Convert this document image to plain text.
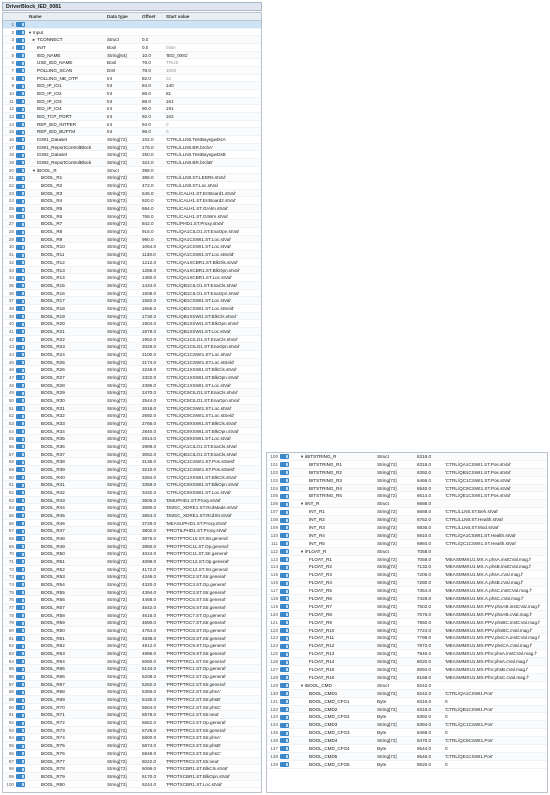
DriverBlock_IED_0081
Name	Data type	Offset Start value
1
2	▼ Input
3	► TCONNECT	Struct	0.0
4	INIT	Bool	0.0	false
5	IED_NAME	String[64]	10.0	'IED_0081'
6	USE_IED_NAME	Bool	76.0	TRUE
7	POLLING_SCAN	DInt	78.0	1000
8	POLLING_NB_OTP	Int	82.0	32
9	IED_IP_IO1	Int	84.0	140
10	IED_IP_IO2	Int	86.0	81
11	IED_IP_IO3	Int	88.0	161
12	IED_IP_IO4	Int	90.0	191
13	IED_TCP_PORT	Int	92.0	102
14	REP_IED_INTPER	Int	94.0	0
15	REP_IED_BUFTM	Int	96.0	0
16	IGW1_Dataset	String[72]	102.0	'CTRL/LLN0.TestBaysgwDsA'
17	IGW1_ReportControlBlock	String[72]	176.0	'CTRL/LLN0.BR.brcbA'
18	IGW2_Dataset	String[72]	250.0	'CTRL/LLN0.TestBaysgwDsB'
19	IGW2_ReportControlBlock	String[72]	324.0	'CTRL/LLN0.BR.brcbB'
20	▼ iBOOL_R	Struct	398.0
21	BOOL_R1	String[72]	398.0	'CTRL/LLN0.ST.LEDRs.stVal'
22	BOOL_R2	String[72]	472.0	'CTRL/LLN0.ST.Loc.stVal'
23	BOOL_R3	String[72]	546.0	'CTRL/CALH1.ST.ErrBoard1.stVal'
24	BOOL_R4	String[72]	620.0	'CTRL/CALH1.ST.ErrBoard2.stVal'
25	BOOL_R5	String[72]	694.0	'CTRL/CALH1.ST.GrAlm.stVal'
26	BOOL_R6	String[72]	768.0	'CTRL/CALH1.ST.GrWrn.stVal'
27	BOOL_R7	String[72]	842.0	'CTRL/PHD1.ST.Proxy.stVal'
28	BOOL_R8	String[72]	916.0	'CTRL/QA1CILO1.ST.EnaOpn.stVal'
29	BOOL_R9	String[72]	990.0	'CTRL/QA1CSWI1.ST.Loc.stVal'
30	BOOL_R10	String[72]	1064.0 'CTRL/QA1CSWI1.ST.Loc.stVal'
31	BOOL_R11	String[72]	1138.0 'CTRL/QA1CSWI1.ST.Loc.stSeld'
32	BOOL_R12	String[72]	1212.0 'CTRL/QA1XCBR1.ST.BlkOls.stVal'
33	BOOL_R13	String[72]	1286.0 'CTRL/QA1XCBR1.ST.BlkOpn.stVal'
34	BOOL_R14	String[72]	1360.0 'CTRL/QA1XCBR1.ST.Loc.stVal'
35	BOOL_R15	String[72]	1434.0 'CTRL/QB1CILO1.ST.EnaCls.stVal'
36	BOOL_R16	String[72]	1508.0 'CTRL/QB1CILO1.ST.EnaOpn.stVal'
37	BOOL_R17	String[72]	1582.0 'CTRL/QB1CSWI1.ST.Loc.stVal'
38	BOOL_R18	String[72]	1656.0 'CTRL/QB1CSWI1.ST.Loc.stSeld'
39	BOOL_R19	String[72]	1730.0 'CTRL/QB1XSWI1.ST.BlkCls.stVal'
40	BOOL_R20	String[72]	1804.0 'CTRL/QB1XSWI1.ST.BlkOpn.stVal'
41	BOOL_R21	String[72]	1878.0 'CTRL/QB1XSWI1.ST.Loc.stVal'
42	BOOL_R22	String[72]	1952.0 'CTRL/QC1CILO1.ST.EnaCls.stVal'
43	BOOL_R23	String[72]	2026.0 'CTRL/QC1CILO1.ST.EnaOpn.stVal'
44	BOOL_R24	String[72]	2100.0 'CTRL/QC1CSWI1.ST.Loc.stVal'
45	BOOL_R25	String[72]	2174.0 'CTRL/QC1CSWI1.ST.Loc.stSeld'
46	BOOL_R26	String[72]	2248.0 'CTRL/QC1XSWI1.ST.BlkCls.stVal'
47	BOOL_R27	String[72]	2322.0 'CTRL/QC1XSWI1.ST.BlkOpn.stVal'
48	BOOL_R28	String[72]	2396.0 'CTRL/QC1XSWI1.ST.Loc.stVal'
49	BOOL_R29	String[72]	2470.0 'CTRL/QC9CILO1.ST.EnaCls.stVal'
50	BOOL_R30	String[72]	2544.0 'CTRL/QC9CILO1.ST.EnaOpn.stVal'
51	BOOL_R31	String[72]	2618.0 'CTRL/QC9CSWI1.ST.Loc.stVal'
52	BOOL_R32	String[72]	2692.0 'CTRL/QC9CSWI1.ST.Loc.stSeld'
53	BOOL_R33	String[72]	2766.0 'CTRL/QC9XSWI1.ST.BlkCls.stVal'
54	BOOL_R34	String[72]	2840.0 'CTRL/QC9XSWI1.ST.BlkOpn.stVal'
55	BOOL_R35	String[72]	2914.0 'CTRL/QC9XSWI1.ST.Loc.stVal'
56	BOOL_R36	String[72]	2988.0 'CTRL/QA1CILO1.ST.EnaCls.stVal'
57	BOOL_R37	String[72]	3062.0 'CTRL/QB1CILO1.ST.EnaCls.stVal'
58	BOOL_R38	String[72]	3136.0 'CTRL/QC1CSWI1.ST.Pos.stSeld'
59	BOOL_R39	String[72]	3210.0 'CTRL/QC1CSWI1.ST.Pos.stSeld'
60	BOOL_R40	String[72]	3284.0 'CTRL/QC1XSWI1.ST.BlkCls.stVal'
61	BOOL_R41	String[72]	3358.0 'CTRL/QC9XSWI1.ST.BlkOpn.stVal'
62	BOOL_R42	String[72]	3432.0 'CTRL/QC9XSWI1.ST.Loc.stVal'
63	BOOL_R43	String[72]	3506.0 'DMUPHD1.ST.Proxy.stVal'
64	BOOL_R44	String[72]	3580.0 'DMSC_XDRE1.ST.RcdMade.stVal'
65	BOOL_R45	String[72]	3654.0 'DMSC_XDRE1.ST.RcdStr.stVal'
66	BOOL_R46	String[72]	3728.0 'MEASUPHD1.ST.Proxy.stVal'
67	BOOL_R47	String[72]	3802.0 'PROTILPHD1.ST.Proxy.stVal'
68	BOOL_R48	String[72]	3876.0 'PROTPTOC10.ST.Str.general'
69	BOOL_R49	String[72]	3950.0 'PROTPTOC11.ST.Op.general'
70	BOOL_R50	String[72]	4024.0 'PROTPTOC11.ST.Str.general'
71	BOOL_R51	String[72]	4098.0 'PROTPTOC12.ST.Op.general'
72	BOOL_R52	String[72]	4172.0 'PROTPTOC12.ST.Str.general'
73	BOOL_R53	String[72]	4246.0 'PROTPTOC2.ST.Str.general'
74	BOOL_R54	String[72]	4320.0 'PROTPTOC3.ST.Op.general'
75	BOOL_R55	String[72]	4394.0 'PROTPTOC3.ST.Str.general'
76	BOOL_R56	String[72]	4468.0 'PROTPTOC5.ST.Str.general'
77	BOOL_R57	String[72]	4542.0 'PROTPTOC6.ST.Str.general'
78	BOOL_R58	String[72]	4616.0 'PROTPTOC7.ST.Op.general'
79	BOOL_R59	String[72]	4690.0 'PROTPTOC7.ST.Str.general'
80	BOOL_R60	String[72]	4764.0 'PROTPTOC8.ST.Op.general'
81	BOOL_R61	String[72]	4838.0 'PROTPTOC8.ST.Str.general'
82	BOOL_R62	String[72]	4912.0 'PROTPTOC9.ST.Op.general'
83	BOOL_R63	String[72]	4986.0 'PROTPTOC9.ST.Str.general'
84	BOOL_R64	String[72]	5060.0 'PROTPTRC1.ST.Str.general'
85	BOOL_R65	String[72]	5134.0 'PROTPTRC1.ST.Op.general'
86	BOOL_R66	String[72]	5208.0 'PROTPTRC2.ST.Op.general'
87	BOOL_R67	String[72]	5282.0 'PROTPTRC2.ST.Str.general'
88	BOOL_R68	String[72]	5356.0 'PROTPTRC2.ST.Str.phsA'
89	BOOL_R69	String[72]	5430.0 'PROTPTRC2.ST.Str.phsB'
90	BOOL_R70	String[72]	5504.0 'PROTPTRC2.ST.Str.phsC'
91	BOOL_R71	String[72]	5578.0 'PROTPTRC2.ST.Str.neut'
92	BOOL_R72	String[72]	5652.0 'PROTPTRC3.ST.Op.general'
93	BOOL_R73	String[72]	5726.0 'PROTPTRC3.ST.Str.general'
94	BOOL_R74	String[72]	5800.0 'PROTPTRC3.ST.Str.phsA'
95	BOOL_R75	String[72]	5874.0 'PROTPTRC3.ST.Str.phsB'
96	BOOL_R76	String[72]	5948.0 'PROTPTRC3.ST.Str.phsC'
97	BOOL_R77	String[72]	6022.0 'PROTPTRC3.ST.Str.neut'
98	BOOL_R78	String[72]	6096.0 'PROTXCBR1.ST.BlkCls.stVal'
99	BOOL_R79	String[72]	6170.0 'PROTXCBR1.ST.BlkOpn.stVal'
100	BOOL_R80	String[72]	6244.0 'PROTXCBR1.ST.Loc.stVal'
100	▼ iBITSTRING_R	Struct	6318.0
101	BITSTRING_R1	String[72]	6318.0	'CTRL/QA1CSWI1.ST.Pos.stVal'
102	BITSTRING_R2	String[72]	6392.0	'CTRL/QB1CSWI1.ST.Pos.stVal'
103	BITSTRING_R3	String[72]	6466.0	'CTRL/QC1CSWI1.ST.Pos.stVal'
104	BITSTRING_R4	String[72]	6540.0	'CTRL/QC9CSWI1.ST.Pos.stVal'
105	BITSTRING_R5	String[72]	6614.0	'CTRL/QE1CSWI1.ST.Pos.stVal'
106	▼ iINT_R	Struct	6688.0
107	INT_R1	String[72]	6688.0	'CTRL/LLN0.ST.Beh.stVal'
108	INT_R2	String[72]	6762.0	'CTRL/LLN0.ST.Health.stVal'
109	INT_R3	String[72]	6836.0	'CTRL/LLN0.ST.Mod.stVal'
110	INT_R4	String[72]	6910.0	'CTRL/QA1CSWI1.ST.Health.stVal'
111	INT_R5	String[72]	6984.0	'CTRL/QC1CSWI1.ST.Health.stVal'
112	▼ iFLOAT_R	Struct	7058.0
113	FLOAT_R1	String[72]	7058.0	'MEASMMXU1.MX.A.phsA.instCVal.mag.f'
114	FLOAT_R2	String[72]	7132.0	'MEASMMXU1.MX.A.phsB.instCVal.mag.f'
115	FLOAT_R3	String[72]	7206.0	'MEASMMXU1.MX.A.phsA.cVal.mag.f'
116	FLOAT_R4	String[72]	7280.0	'MEASMMXU1.MX.A.phsB.cVal.mag.f'
117	FLOAT_R5	String[72]	7354.0	'MEASMMXU1.MX.A.phsC.instCVal.mag.f'
118	FLOAT_R6	String[72]	7428.0	'MEASMMXU1.MX.A.phsC.cVal.mag.f'
119	FLOAT_R7	String[72]	7502.0	'MEASMMXU1.MX.PPV.phsAB.instCVal.mag.f'
120	FLOAT_R8	String[72]	7576.0	'MEASMMXU1.MX.PPV.phsAB.cVal.mag.f'
121	FLOAT_R9	String[72]	7650.0	'MEASMMXU1.MX.PPV.phsBC.instCVal.mag.f'
122	FLOAT_R10	String[72]	7724.0	'MEASMMXU1.MX.PPV.phsBC.cVal.mag.f'
123	FLOAT_R11	String[72]	7798.0	'MEASMMXU1.MX.PPV.phsCA.instCVal.mag.f'
124	FLOAT_R12	String[72]	7872.0	'MEASMMXU1.MX.PPV.phsCA.cVal.mag.f'
125	FLOAT_R13	String[72]	7946.0	'MEASMMXU1.MX.PhV.phsA.instCVal.mag.f'
126	FLOAT_R14	String[72]	8020.0	'MEASMMXU1.MX.PhV.phsA.cVal.mag.f'
127	FLOAT_R15	String[72]	8094.0	'MEASMMXU1.MX.PhV.phsB.cVal.mag.f'
128	FLOAT_R16	String[72]	8168.0	'MEASMMXU1.MX.PhV.phsC.cVal.mag.f'
129	▼ iBOOL_CMD	Struct	8242.0
130	BOOL_CMD1	String[72]	8242.0	'CTRL/QA1CSWI1.Pos'
131	BOOL_CMD_CFG1	Byte	8316.0	0
132	BOOL_CMD2	String[72]	8318.0	'CTRL/QB1CSWI1.Pos'
133	BOOL_CMD_CFG2	Byte	8392.0	0
134	BOOL_CMD3	String[72]	8394.0	'CTRL/QC1CSWI1.Pos'
135	BOOL_CMD_CFG3	Byte	8468.0	0
136	BOOL_CMD4	String[72]	8470.0	'CTRL/QC9CSWI1.Pos'
137	BOOL_CMD_CFG4	Byte	8544.0	0
138	BOOL_CMD5	String[72]	8546.0	'CTRL/QE1CSWI1.Pos'
139	BOOL_CMD_CFG5	Byte	8620.0	0
